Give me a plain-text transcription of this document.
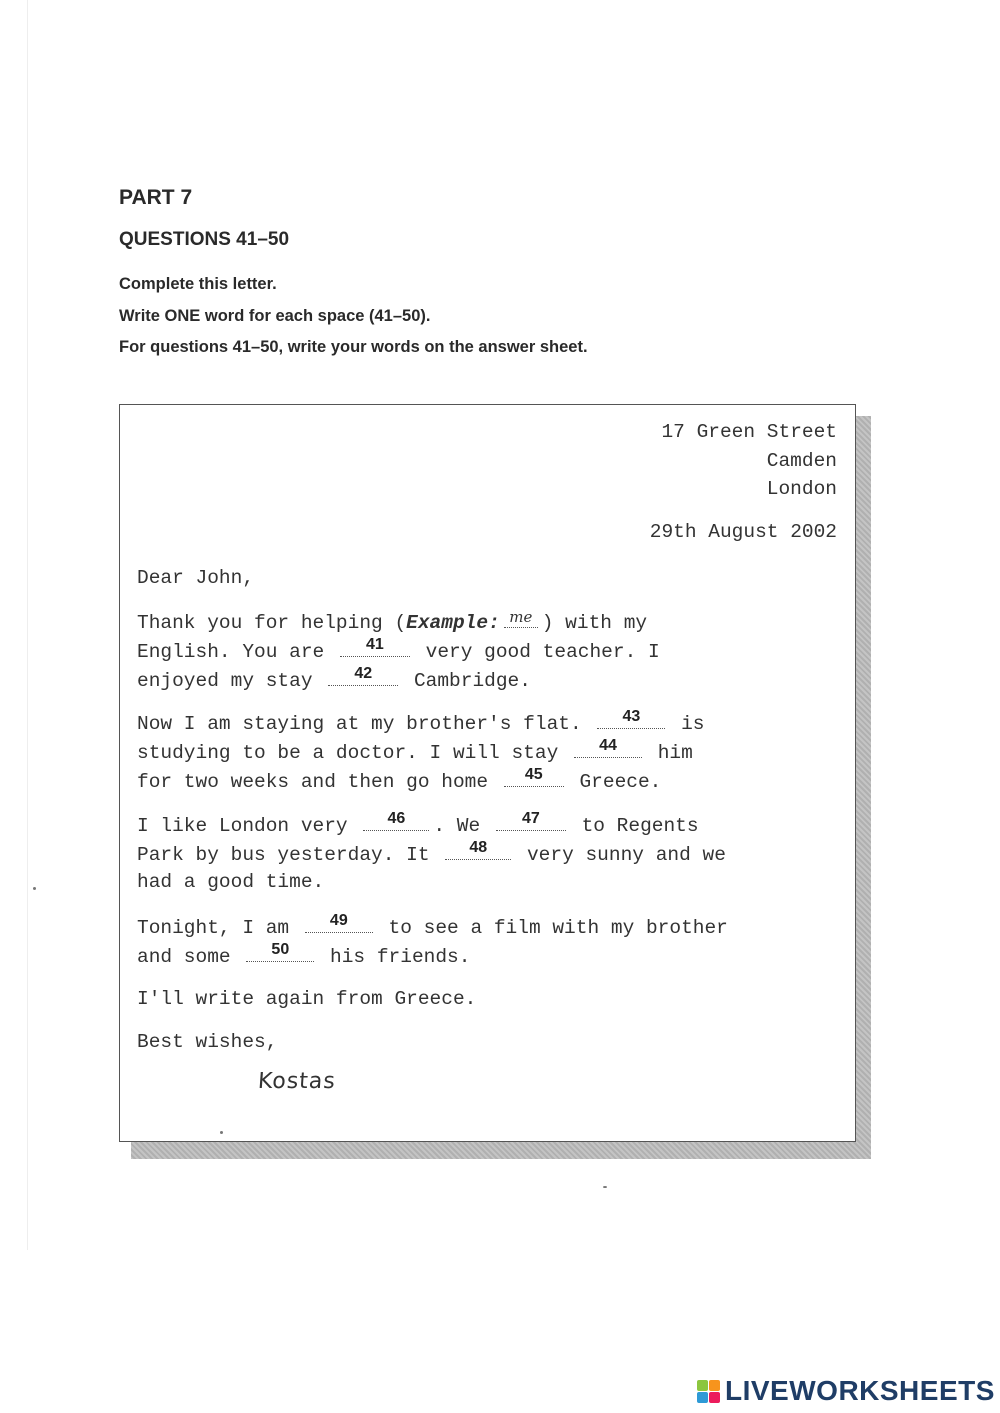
PART 7
QUESTIONS 41–50
Complete this letter.
Write ONE word for each space (41–50).
For questions 41–50, write your words on the answer sheet.
17 Green Street
Camden
London
29th August 2002
Dear John,
Thank you for helping (Example: me ) with my
English. You are	41	very good teacher. I
enjoyed my stay	42	Cambridge.
Now I am staying at my brother's flat.	43	is
studying to be a doctor. I will stay	44	him
for two weeks and then go home	45	Greece.
I like London very	46	. We	47	to Regents
Park by bus yesterday. It	48	very sunny and we
had a good time.
Tonight, I am	49	to see a film with my brother
and some	50	his friends.
I'll write again from Greece.
Best wishes,
Kostas
LIVEWORKSHEETS
